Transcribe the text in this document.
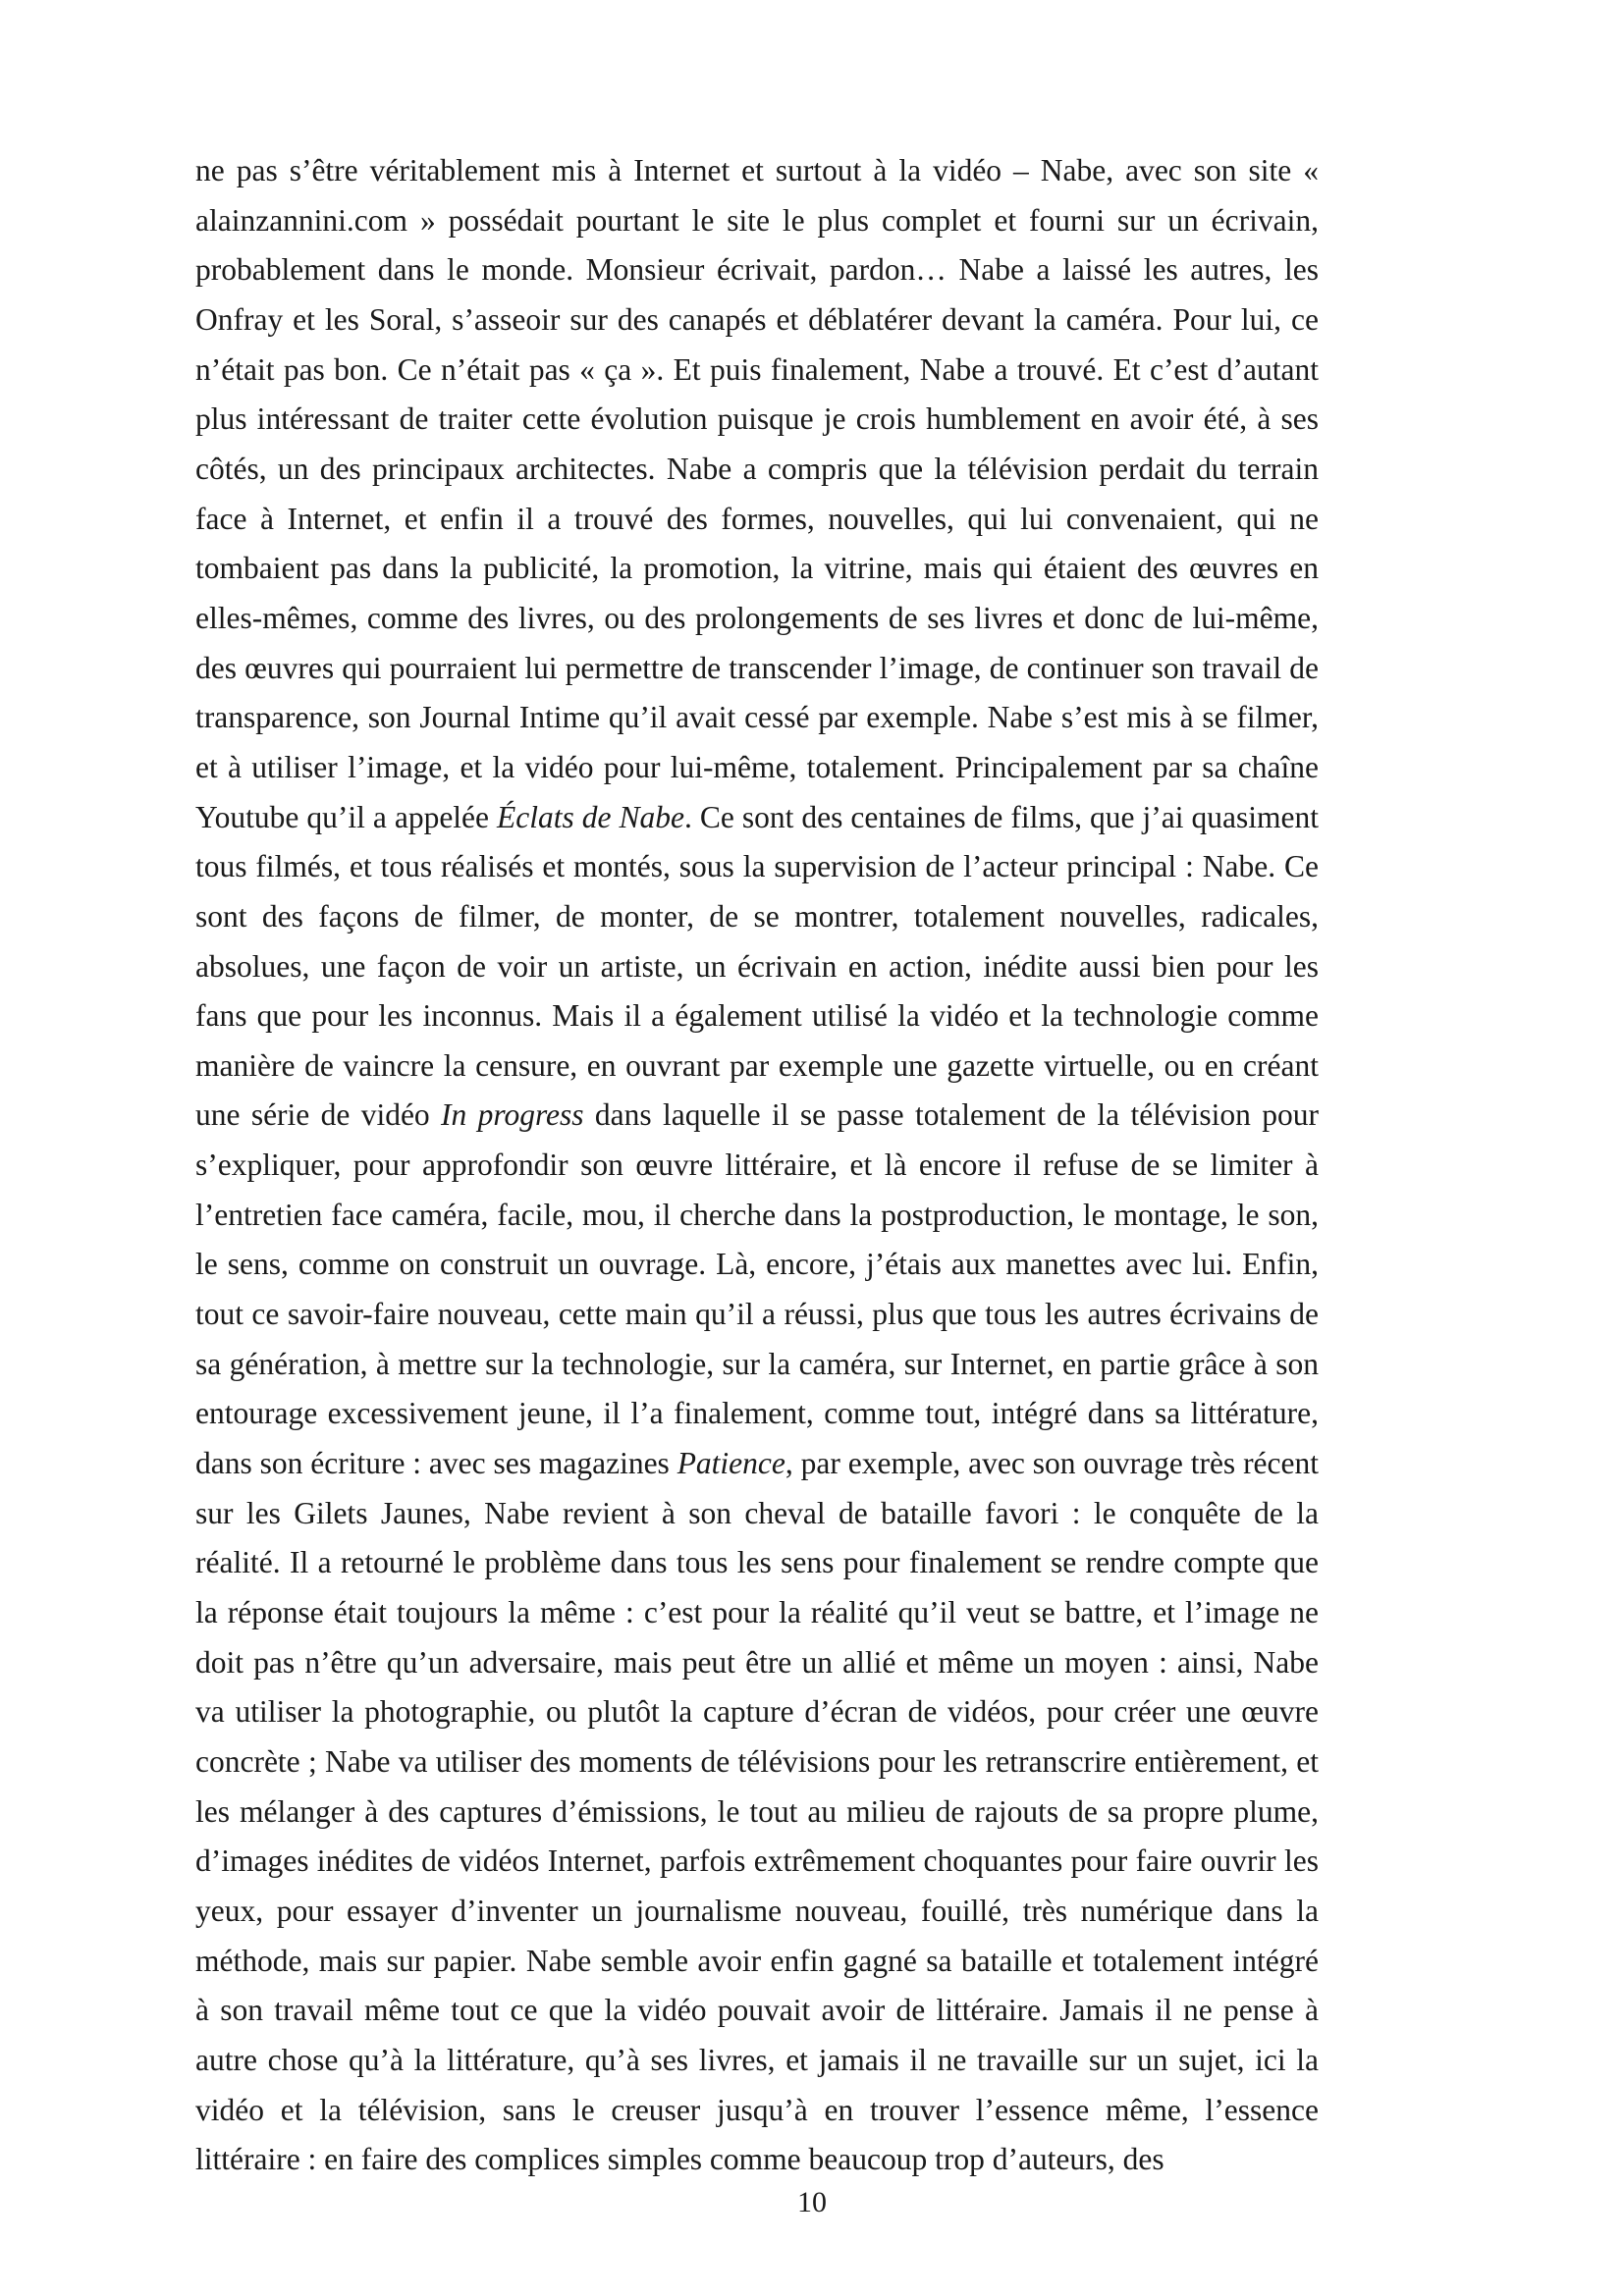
ne pas s’être véritablement mis à Internet et surtout à la vidéo – Nabe, avec son site « alainzannini.com » possédait pourtant le site le plus complet et fourni sur un écrivain, probablement dans le monde. Monsieur écrivait, pardon… Nabe a laissé les autres, les Onfray et les Soral, s’asseoir sur des canapés et déblatérer devant la caméra. Pour lui, ce n’était pas bon. Ce n’était pas « ça ». Et puis finalement, Nabe a trouvé. Et c’est d’autant plus intéressant de traiter cette évolution puisque je crois humblement en avoir été, à ses côtés, un des principaux architectes. Nabe a compris que la télévision perdait du terrain face à Internet, et enfin il a trouvé des formes, nouvelles, qui lui convenaient, qui ne tombaient pas dans la publicité, la promotion, la vitrine, mais qui étaient des œuvres en elles-mêmes, comme des livres, ou des prolongements de ses livres et donc de lui-même, des œuvres qui pourraient lui permettre de transcender l’image, de continuer son travail de transparence, son Journal Intime qu’il avait cessé par exemple. Nabe s’est mis à se filmer, et à utiliser l’image, et la vidéo pour lui-même, totalement. Principalement par sa chaîne Youtube qu’il a appelée Éclats de Nabe. Ce sont des centaines de films, que j’ai quasiment tous filmés, et tous réalisés et montés, sous la supervision de l’acteur principal : Nabe. Ce sont des façons de filmer, de monter, de se montrer, totalement nouvelles, radicales, absolues, une façon de voir un artiste, un écrivain en action, inédite aussi bien pour les fans que pour les inconnus. Mais il a également utilisé la vidéo et la technologie comme manière de vaincre la censure, en ouvrant par exemple une gazette virtuelle, ou en créant une série de vidéo In progress dans laquelle il se passe totalement de la télévision pour s’expliquer, pour approfondir son œuvre littéraire, et là encore il refuse de se limiter à l’entretien face caméra, facile, mou, il cherche dans la postproduction, le montage, le son, le sens, comme on construit un ouvrage. Là, encore, j’étais aux manettes avec lui. Enfin, tout ce savoir-faire nouveau, cette main qu’il a réussi, plus que tous les autres écrivains de sa génération, à mettre sur la technologie, sur la caméra, sur Internet, en partie grâce à son entourage excessivement jeune, il l’a finalement, comme tout, intégré dans sa littérature, dans son écriture : avec ses magazines Patience, par exemple, avec son ouvrage très récent sur les Gilets Jaunes, Nabe revient à son cheval de bataille favori : le conquête de la réalité. Il a retourné le problème dans tous les sens pour finalement se rendre compte que la réponse était toujours la même : c’est pour la réalité qu’il veut se battre, et l’image ne doit pas n’être qu’un adversaire, mais peut être un allié et même un moyen : ainsi, Nabe va utiliser la photographie, ou plutôt la capture d’écran de vidéos, pour créer une œuvre concrète ; Nabe va utiliser des moments de télévisions pour les retranscrire entièrement, et les mélanger à des captures d’émissions, le tout au milieu de rajouts de sa propre plume, d’images inédites de vidéos Internet, parfois extrêmement choquantes pour faire ouvrir les yeux, pour essayer d’inventer un journalisme nouveau, fouillé, très numérique dans la méthode, mais sur papier. Nabe semble avoir enfin gagné sa bataille et totalement intégré à son travail même tout ce que la vidéo pouvait avoir de littéraire. Jamais il ne pense à autre chose qu’à la littérature, qu’à ses livres, et jamais il ne travaille sur un sujet, ici la vidéo et la télévision, sans le creuser jusqu’à en trouver l’essence même, l’essence littéraire : en faire des complices simples comme beaucoup trop d’auteurs, des

10
